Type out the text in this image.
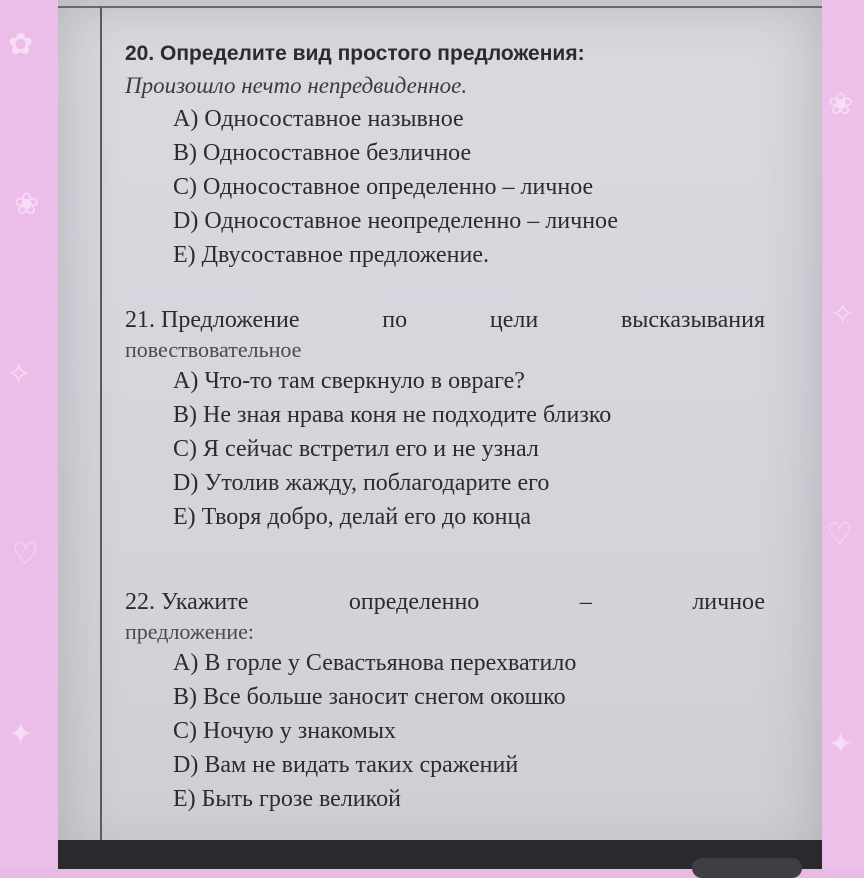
✿
❀
✧
♡
✦
❀
✧
♡
✦
20. Определите вид простого предложения:
Произошло нечто непредвиденное.
А) Односоставное назывное
В) Односоставное безличное
С) Односоставное определенно – личное
D) Односоставное неопределенно – личное
Е) Двусоставное предложение.
21. Предложение	по	цели	высказывания
повествовательное
А) Что-то там сверкнуло в овраге?
В) Не зная нрава коня не подходите близко
С) Я сейчас встретил его и не узнал
D) Утолив жажду, поблагодарите его
Е) Творя добро, делай его до конца
22. Укажите	определенно	–	личное
предложение:
А) В горле у Севастьянова перехватило
В) Все больше заносит снегом окошко
С) Ночую у знакомых
D) Вам не видать таких сражений
Е) Быть грозе великой
